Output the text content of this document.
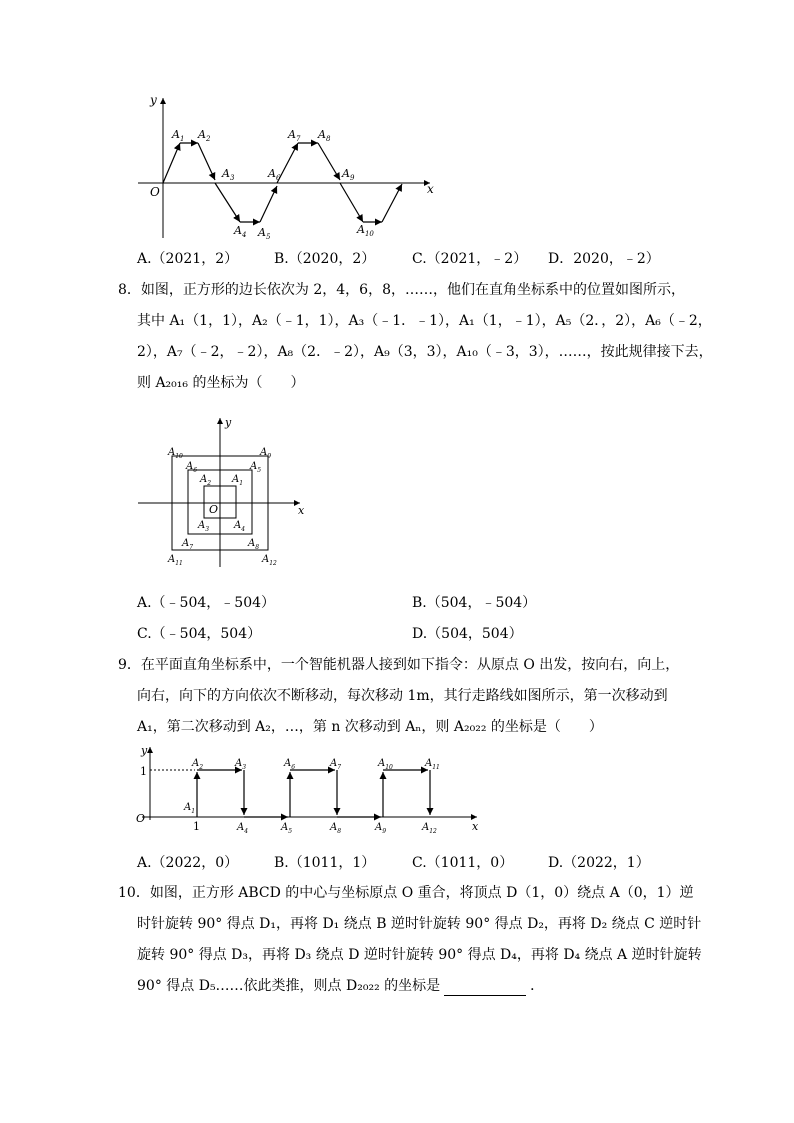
y
x
O
$A_1$ $A_2$
$A_3$
$A_4$ $A_5$
$A_6$
$A_7$ $A_8$
$A_9$
$A_{10}$
A.（2021，2）	B.（2020，2）	C.（2021，﹣2） D．2020，﹣2）
8．如图，正方形的边长依次为 2，4，6，8，……，他们在直角坐标系中的位置如图所示，
其中 A₁（1，1），A₂（﹣1，1），A₃（﹣1．﹣1），A₁（1，﹣1），A₅（2．，2），A₆（﹣2，
2），A₇（﹣2，﹣2），A₈（2．﹣2），A₉（3，3），A₁₀（﹣3，3），……，按此规律接下去，
则 A₂₀₁₆ 的坐标为（　　）
y
x
O
$A_{10}$	$A_9$
$A_6$	$A_5$
$A_2$ $A_1$
$A_3$ $A_4$
$A_7$	$A_8$
$A_{11}$	$A_{12}$
A.（﹣504，﹣504）	B.（504，﹣504）
C.（﹣504，504）	D.（504，504）
9．在平面直角坐标系中，一个智能机器人接到如下指令：从原点 O 出发，按向右，向上，
向右，向下的方向依次不断移动，每次移动 1m，其行走路线如图所示，第一次移动到
A₁，第二次移动到 A₂，…，第 n 次移动到 Aₙ，则 A₂₀₂₂ 的坐标是（　　）
y
x
O
1
1
$A_2$	$A_3$	$A_6$	$A_7$	$A_{10}$	$A_{11}$
$A_1$
$A_4$	$A_5$	$A_8$	$A_9$	$A_{12}$
A.（2022，0）	B.（1011，1）	C.（1011，0） D.（2022，1）
10．如图，正方形 ABCD 的中心与坐标原点 O 重合，将顶点 D（1，0）绕点 A（0，1）逆
时针旋转 90° 得点 D₁，再将 D₁ 绕点 B 逆时针旋转 90° 得点 D₂，再将 D₂ 绕点 C 逆时针
旋转 90° 得点 D₃，再将 D₃ 绕点 D 逆时针旋转 90° 得点 D₄，再将 D₄ 绕点 A 逆时针旋转
90° 得点 D₅……依此类推，则点 D₂₀₂₂ 的坐标是	．
